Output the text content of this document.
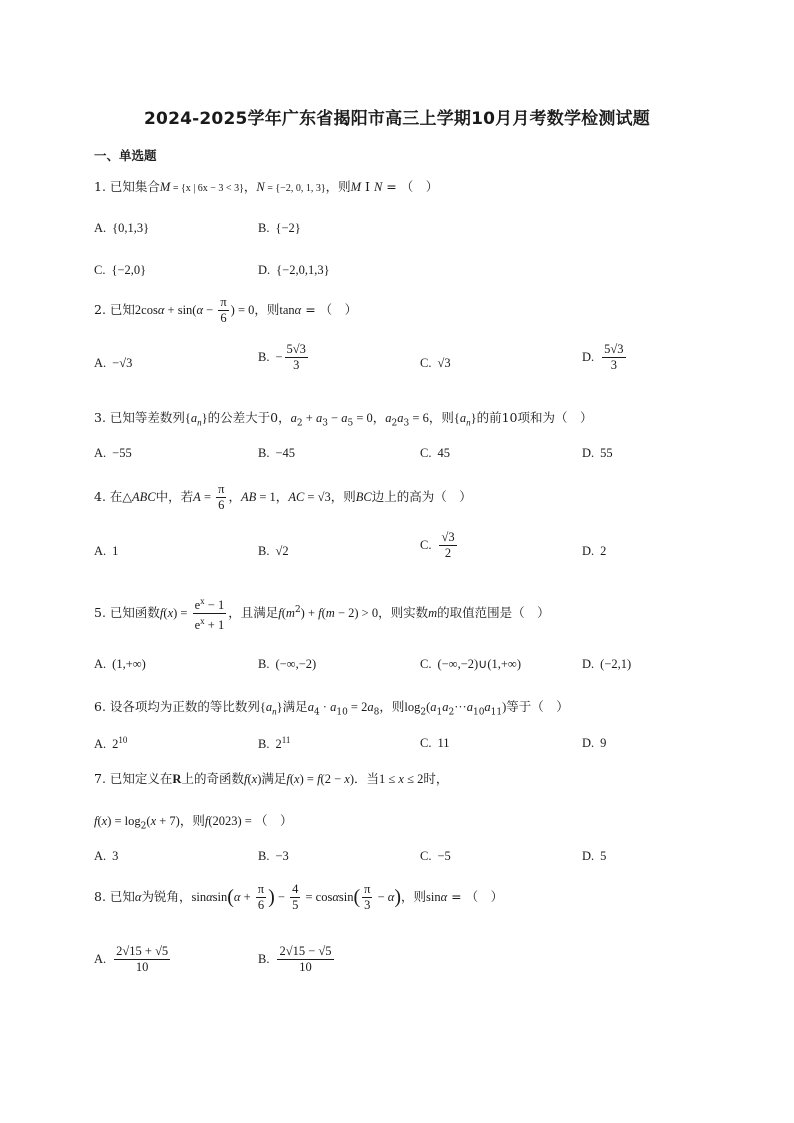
2024-2025学年广东省揭阳市高三上学期10月月考数学检测试题
一、单选题
1. 已知集合M = {x | 6x − 3 < 3}，N = {−2, 0, 1, 3}，则M I N = （　）
A. {0,1,3}	B. {−2}
C. {−2,0}	D. {−2,0,1,3}
2. 已知$2\cos\alpha + \sin(\alpha - \frac{\pi}{6}$ ) = 0，则tanα = （　）
A. −√3	B. − $\frac{5√3}{3}$	C. √3	D. $\frac{5√3}{3}$
3. 已知等差数列$\{a_n\}$的公差大于0，$a_2 + a_3 - a_5 = 0$，$a_2a_3 = 6$，则$\{a_n\}$的前10项和为（　）
A. −55	B. −45	C. 45	D. 55
4. 在△ABC中，若$A = \frac{\pi}{6}$ ，AB = 1，AC = √3，则BC边上的高为（　）
A. 1	B. √2	C. $\frac{√3}{2}$	D. 2
5. 已知函数$f(x) = \frac{e^x - 1}{e^x + 1}$ ，且满足$f(m^2) + f(m - 2) > 0$，则实数m的取值范围是（　）
A. (1,+∞)	B. (−∞,−2)	C. (−∞,−2)∪(1,+∞)	D. (−2,1)
6. 设各项均为正数的等比数列$\{a_n\}$满足$a_4 \cdot a_{10} = 2a_8$，则$\log_2(a_1a_2\cdot\cdot\cdot a_{10}a_{11})$等于（　）
A. $2^{10}$	B. $2^{11}$	C. 11	D. 9
7. 已知定义在R上的奇函数f(x)满足f(x) = f(2 − x)．当1 ≤ x ≤ 2时，
$f(x) = \log_2(x + 7)$，则f(2023) = （　）
A. 3	B. −3	C. −5	D. 5
8. 已知α为锐角，$\sin\alpha\sin(\alpha + \frac{\pi}{6}$ ) − $\frac{4}{5} = \cos\alpha\sin( \frac{\pi}{3} - \alpha)$，则sinα = （　）
A. $\frac{2√15 + √5}{10}$	B. $\frac{2√15 - √5}{10}$
